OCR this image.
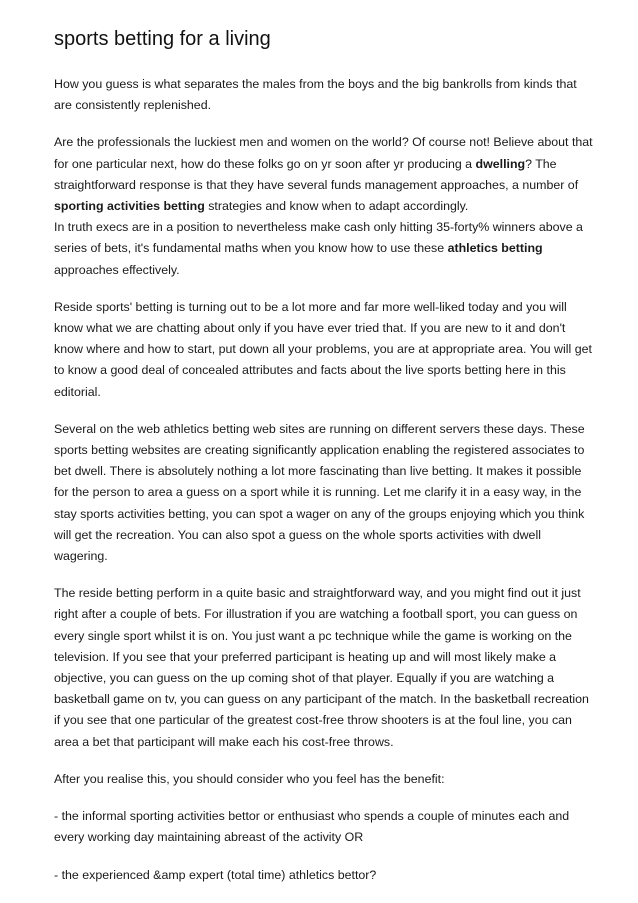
sports betting for a living

How you guess is what separates the males from the boys and the big bankrolls from kinds that are consistently replenished.

Are the professionals the luckiest men and women on the world? Of course not! Believe about that for one particular next, how do these folks go on yr soon after yr producing a dwelling? The straightforward response is that they have several funds management approaches, a number of sporting activities betting strategies and know when to adapt accordingly.

In truth execs are in a position to nevertheless make cash only hitting 35-forty% winners above a series of bets, it's fundamental maths when you know how to use these athletics betting approaches effectively.

Reside sports' betting is turning out to be a lot more and far more well-liked today and you will know what we are chatting about only if you have ever tried that. If you are new to it and don't know where and how to start, put down all your problems, you are at appropriate area. You will get to know a good deal of concealed attributes and facts about the live sports betting here in this editorial.

Several on the web athletics betting web sites are running on different servers these days. These sports betting websites are creating significantly application enabling the registered associates to bet dwell. There is absolutely nothing a lot more fascinating than live betting. It makes it possible for the person to area a guess on a sport while it is running. Let me clarify it in a easy way, in the stay sports activities betting, you can spot a wager on any of the groups enjoying which you think will get the recreation. You can also spot a guess on the whole sports activities with dwell wagering.

The reside betting perform in a quite basic and straightforward way, and you might find out it just right after a couple of bets. For illustration if you are watching a football sport, you can guess on every single sport whilst it is on. You just want a pc technique while the game is working on the television. If you see that your preferred participant is heating up and will most likely make a objective, you can guess on the up coming shot of that player. Equally if you are watching a basketball game on tv, you can guess on any participant of the match. In the basketball recreation if you see that one particular of the greatest cost-free throw shooters is at the foul line, you can area a bet that participant will make each his cost-free throws.

After you realise this, you should consider who you feel has the benefit:

- the informal sporting activities bettor or enthusiast who spends a couple of minutes each and every working day maintaining abreast of the activity OR

- the experienced &amp expert (total time) athletics bettor?
